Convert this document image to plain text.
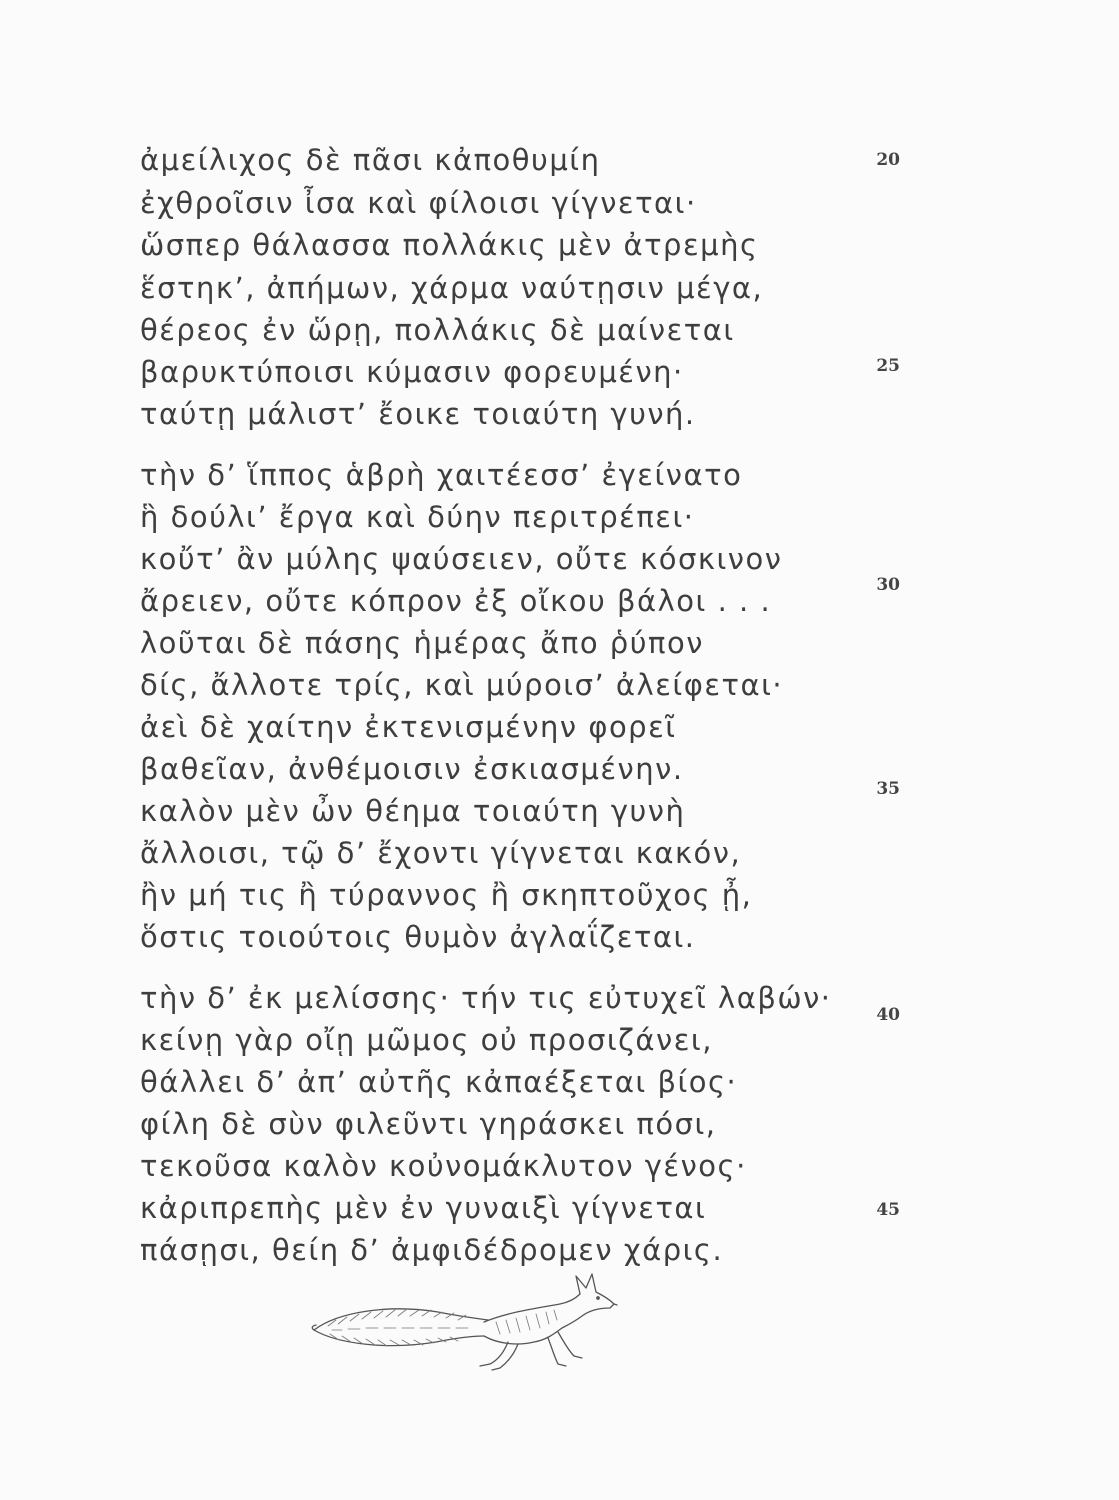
ἀμείλιχος δὲ πᾶσι κἀποθυμίη
ἐχθροῖσιν ἶσα καὶ φίλοισι γίγνεται·
ὥσπερ θάλασσα πολλάκις μὲν ἀτρεμὴς
ἕστηκ’, ἀπήμων, χάρμα ναύτῃσιν μέγα,
θέρεος ἐν ὥρῃ, πολλάκις δὲ μαίνεται
βαρυκτύποισι κύμασιν φορευμένη·
ταύτῃ μάλιστ’ ἔοικε τοιαύτη γυνή.
τὴν δ’ ἵππος ἁβρὴ χαιτέεσσ’ ἐγείνατο
ἣ δούλι’ ἔργα καὶ δύην περιτρέπει·
κοὔτ’ ἂν μύλης ψαύσειεν, οὔτε κόσκινον
ἄρειεν, οὔτε κόπρον ἐξ οἴκου βάλοι . . .
λοῦται δὲ πάσης ἡμέρας ἄπο ῥύπον
δίς, ἄλλοτε τρίς, καὶ μύροισ’ ἀλείφεται·
ἀεὶ δὲ χαίτην ἐκτενισμένην φορεῖ
βαθεῖαν, ἀνθέμοισιν ἐσκιασμένην.
καλὸν μὲν ὦν θέημα τοιαύτη γυνὴ
ἄλλοισι, τῷ δ’ ἔχοντι γίγνεται κακόν,
ἢν μή τις ἢ τύραννος ἢ σκηπτοῦχος ᾖ,
ὅστις τοιούτοις θυμὸν ἀγλαΐζεται.
τὴν δ’ ἐκ μελίσσης· τήν τις εὐτυχεῖ λαβών·
κείνῃ γὰρ οἴῃ μῶμος οὐ προσιζάνει,
θάλλει δ’ ἀπ’ αὐτῆς κἀπαέξεται βίος·
φίλη δὲ σὺν φιλεῦντι γηράσκει πόσι,
τεκοῦσα καλὸν κοὐνομάκλυτον γένος·
κἀριπρεπὴς μὲν ἐν γυναιξὶ γίγνεται
πάσῃσι, θείη δ’ ἀμφιδέδρομεν χάρις.
20
25
30
35
40
45
